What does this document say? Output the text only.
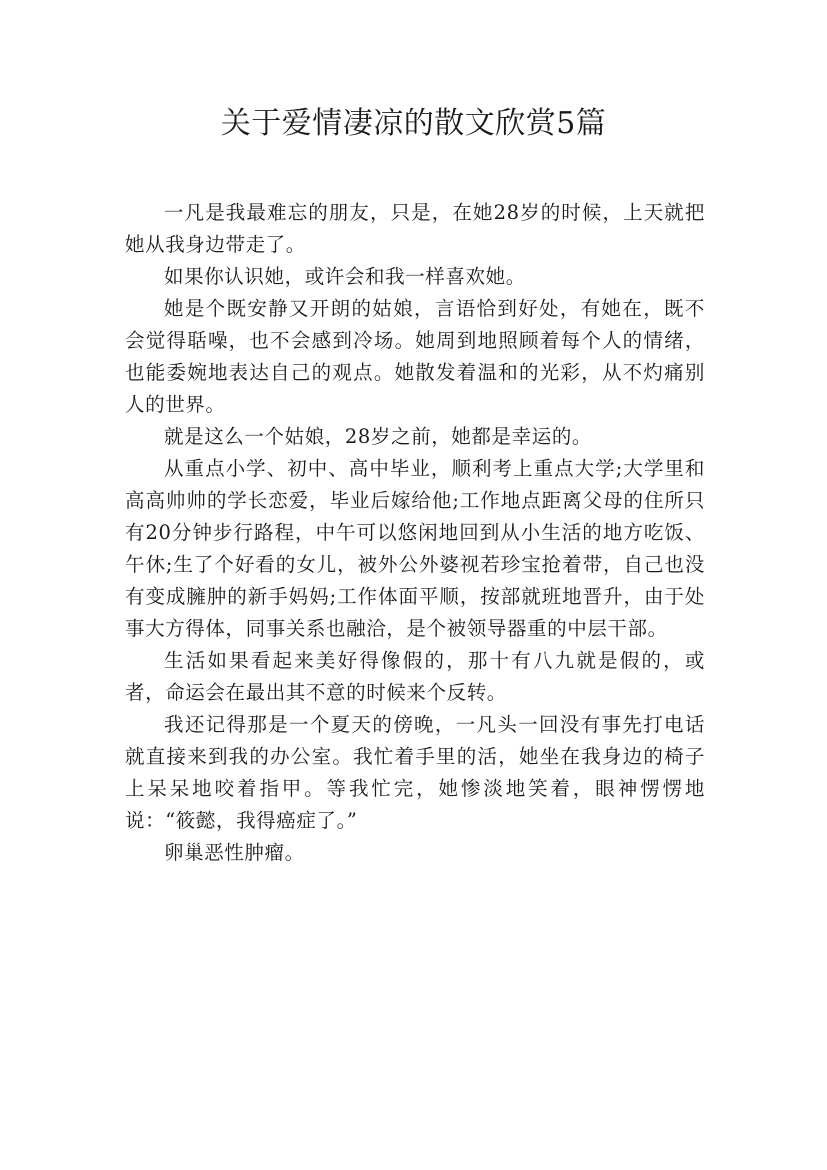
关于爱情凄凉的散文欣赏5篇

一凡是我最难忘的朋友，只是，在她28岁的时候，上天就把她从我身边带走了。

如果你认识她，或许会和我一样喜欢她。

她是个既安静又开朗的姑娘，言语恰到好处，有她在，既不会觉得聒噪，也不会感到冷场。她周到地照顾着每个人的情绪，也能委婉地表达自己的观点。她散发着温和的光彩，从不灼痛别人的世界。

就是这么一个姑娘，28岁之前，她都是幸运的。

从重点小学、初中、高中毕业，顺利考上重点大学;大学里和高高帅帅的学长恋爱，毕业后嫁给他;工作地点距离父母的住所只有20分钟步行路程，中午可以悠闲地回到从小生活的地方吃饭、午休;生了个好看的女儿，被外公外婆视若珍宝抢着带，自己也没有变成臃肿的新手妈妈;工作体面平顺，按部就班地晋升，由于处事大方得体，同事关系也融洽，是个被领导器重的中层干部。

生活如果看起来美好得像假的，那十有八九就是假的，或者，命运会在最出其不意的时候来个反转。

我还记得那是一个夏天的傍晚，一凡头一回没有事先打电话就直接来到我的办公室。我忙着手里的活，她坐在我身边的椅子上呆呆地咬着指甲。等我忙完，她惨淡地笑着，眼神愣愣地说：“筱懿，我得癌症了。”

卵巢恶性肿瘤。
